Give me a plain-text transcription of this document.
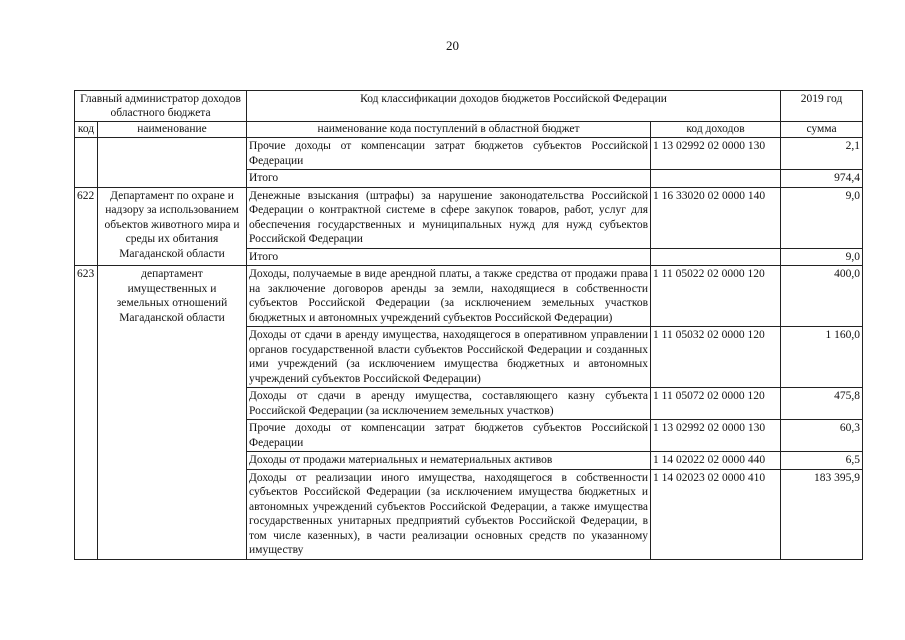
20
Главный администратор доходов областного бюджета		Код классификации доходов бюджетов Российской Федерации		2019 год
код	наименование	наименование кода поступлений в областной бюджет	код доходов	сумма
		Прочие доходы от компенсации затрат бюджетов субъектов Российской Федерации	1 13 02992 02 0000 130	2,1
		Итого		974,4
622	Департамент по охране и надзору за использованием объектов животного мира и среды их обитания Магаданской области	Денежные взыскания (штрафы) за нарушение законодательства Российской Федерации о контрактной системе в сфере закупок товаров, работ, услуг для обеспечения государственных и муниципальных нужд для нужд субъектов Российской Федерации	1 16 33020 02 0000 140	9,0
		Итого		9,0
623	департамент имущественных и земельных отношений Магаданской области	Доходы, получаемые в виде арендной платы, а также средства от продажи права на заключение договоров аренды за земли, находящиеся в собственности субъектов Российской Федерации (за исключением земельных участков бюджетных и автономных учреждений субъектов Российской Федерации)	1 11 05022 02 0000 120	400,0
		Доходы от сдачи в аренду имущества, находящегося в оперативном управлении органов государственной власти субъектов Российской Федерации и созданных ими учреждений (за исключением имущества бюджетных и автономных учреждений субъектов Российской Федерации)	1 11 05032 02 0000 120	1 160,0
		Доходы от сдачи в аренду имущества, составляющего казну субъекта Российской Федерации (за исключением земельных участков)	1 11 05072 02 0000 120	475,8
		Прочие доходы от компенсации затрат бюджетов субъектов Российской Федерации	1 13 02992 02 0000 130	60,3
		Доходы от продажи материальных и нематериальных активов	1 14 02022 02 0000 440	6,5
		Доходы от реализации иного имущества, находящегося в собственности субъектов Российской Федерации (за исключением имущества бюджетных и автономных учреждений субъектов Российской Федерации, а также имущества государственных унитарных предприятий субъектов Российской Федерации, в том числе казенных), в части реализации основных средств по указанному имуществу	1 14 02023 02 0000 410	183 395,9
